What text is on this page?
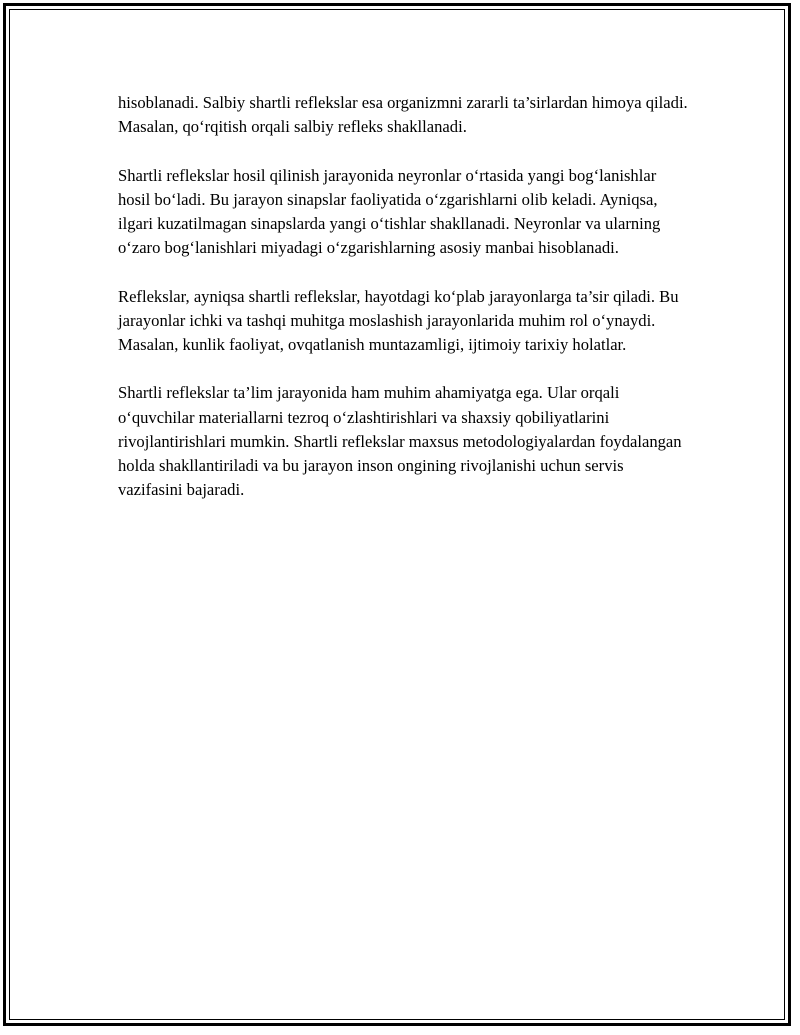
hisoblanadi. Salbiy shartli reflekslar esa organizmni zararli ta’sirlardan himoya qiladi. Masalan, qo‘rqitish orqali salbiy refleks shakllanadi.

Shartli reflekslar hosil qilinish jarayonida neyronlar o‘rtasida yangi bog‘lanishlar hosil bo‘ladi. Bu jarayon sinapslar faoliyatida o‘zgarishlarni olib keladi. Ayniqsa, ilgari kuzatilmagan sinapslarda yangi o‘tishlar shakllanadi. Neyronlar va ularning o‘zaro bog‘lanishlari miyadagi o‘zgarishlarning asosiy manbai hisoblanadi.

Reflekslar, ayniqsa shartli reflekslar, hayotdagi ko‘plab jarayonlarga ta’sir qiladi. Bu jarayonlar ichki va tashqi muhitga moslashish jarayonlarida muhim rol o‘ynaydi. Masalan, kunlik faoliyat, ovqatlanish muntazamligi, ijtimoiy tarixiy holatlar.

Shartli reflekslar ta’lim jarayonida ham muhim ahamiyatga ega. Ular orqali o‘quvchilar materiallarni tezroq o‘zlashtirishlari va shaxsiy qobiliyatlarini rivojlantirishlari mumkin. Shartli reflekslar maxsus metodologiyalardan foydalangan holda shakllantiriladi va bu jarayon inson ongining rivojlanishi uchun servis vazifasini bajaradi.
